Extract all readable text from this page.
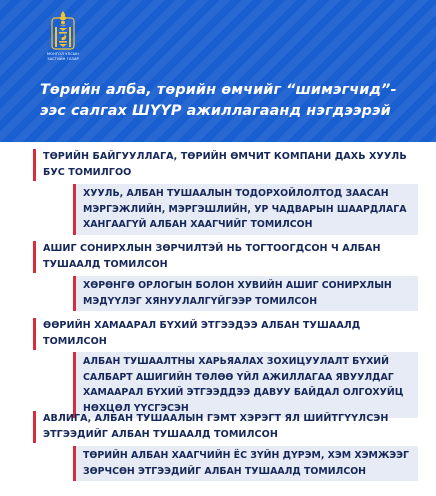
МОНГОЛ УЛСЫН ЗАСГИЙН ГАЗАР
Төрийн алба, төрийн өмчийг “шимэгчид”-ээс салгах ШҮҮР ажиллагаанд нэгдээрэй
ТӨРИЙН БАЙГУУЛЛАГА, ТӨРИЙН ӨМЧИТ КОМПАНИ ДАХЬ ХУУЛЬ БУС ТОМИЛГОО
ХУУЛЬ, АЛБАН ТУШААЛЫН ТОДОРХОЙЛОЛТОД ЗААСАН МЭРГЭЖЛИЙН, МЭРГЭШЛИЙН, УР ЧАДВАРЫН ШААРДЛАГА ХАНГААГҮЙ АЛБАН ХААГЧИЙГ ТОМИЛСОН
АШИГ СОНИРХЛЫН ЗӨРЧИЛТЭЙ НЬ ТОГТООГДСОН Ч АЛБАН ТУШААЛД ТОМИЛСОН
ХӨРӨНГӨ ОРЛОГЫН БОЛОН ХУВИЙН АШИГ СОНИРХЛЫН МЭДҮҮЛЭГ ХЯНУУЛАЛГҮЙГЭЭР ТОМИЛСОН
ӨӨРИЙН ХАМААРАЛ БҮХИЙ ЭТГЭЭДЭЭ АЛБАН ТУШААЛД ТОМИЛСОН
АЛБАН ТУШААЛТНЫ ХАРЬЯАЛАХ ЗОХИЦУУЛАЛТ БҮХИЙ САЛБАРТ АШИГИЙН ТӨЛӨӨ ҮЙЛ АЖИЛЛАГАА ЯВУУЛДАГ ХАМААРАЛ БҮХИЙ ЭТГЭЭДДЭЭ ДАВУУ БАЙДАЛ ОЛГОХУЙЦ НӨХЦӨЛ ҮҮСГЭСЭН
АВЛИГА, АЛБАН ТУШААЛЫН ГЭМТ ХЭРЭГТ ЯЛ ШИЙТГҮҮЛСЭН ЭТГЭЭДИЙГ АЛБАН ТУШААЛД ТОМИЛСОН
ТӨРИЙН АЛБАН ХААГЧИЙН ЁС ЗҮЙН ДҮРЭМ, ХЭМ ХЭМЖЭЭГ ЗӨРЧСӨН ЭТГЭЭДИЙГ АЛБАН ТУШААЛД ТОМИЛСОН
